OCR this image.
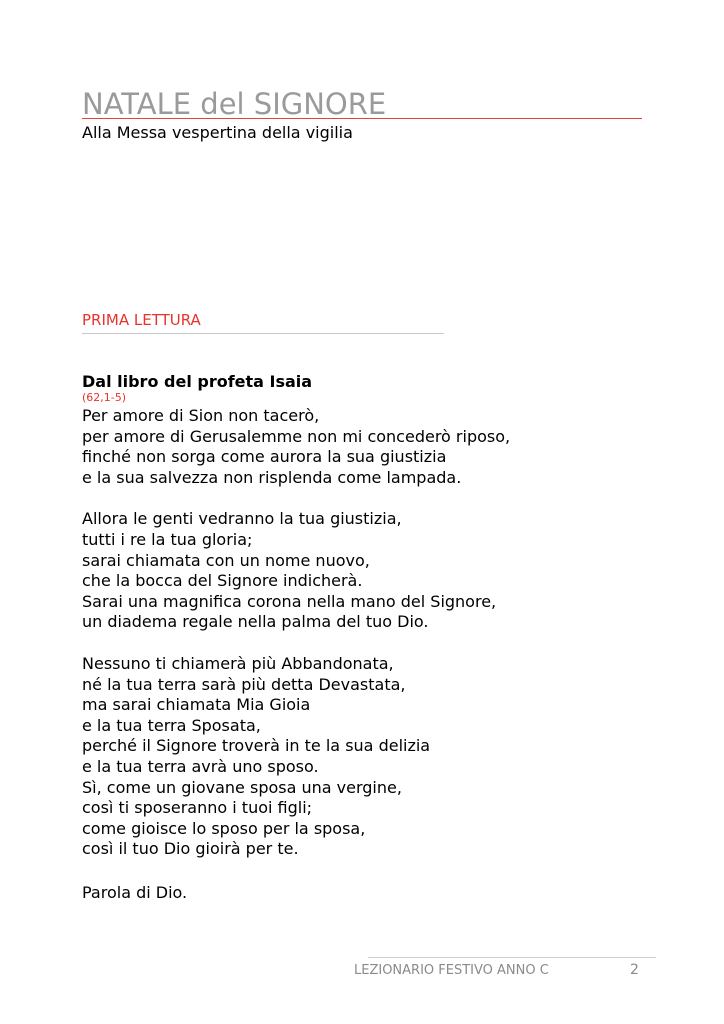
NATALE del SIGNORE

Alla Messa vespertina della vigilia

PRIMA LETTURA

Dal libro del profeta Isaia

(62,1-5)

Per amore di Sion non tacerò,
per amore di Gerusalemme non mi concederò riposo,
finché non sorga come aurora la sua giustizia
e la sua salvezza non risplenda come lampada.
Allora le genti vedranno la tua giustizia,
tutti i re la tua gloria;
sarai chiamata con un nome nuovo,
che la bocca del Signore indicherà.
Sarai una magnifica corona nella mano del Signore,
un diadema regale nella palma del tuo Dio.
Nessuno ti chiamerà più Abbandonata,
né la tua terra sarà più detta Devastata,
ma sarai chiamata Mia Gioia
e la tua terra Sposata,
perché il Signore troverà in te la sua delizia
e la tua terra avrà uno sposo.
Sì, come un giovane sposa una vergine,
così ti sposeranno i tuoi figli;
come gioisce lo sposo per la sposa,
così il tuo Dio gioirà per te.

Parola di Dio.

LEZIONARIO FESTIVO ANNO C	2
